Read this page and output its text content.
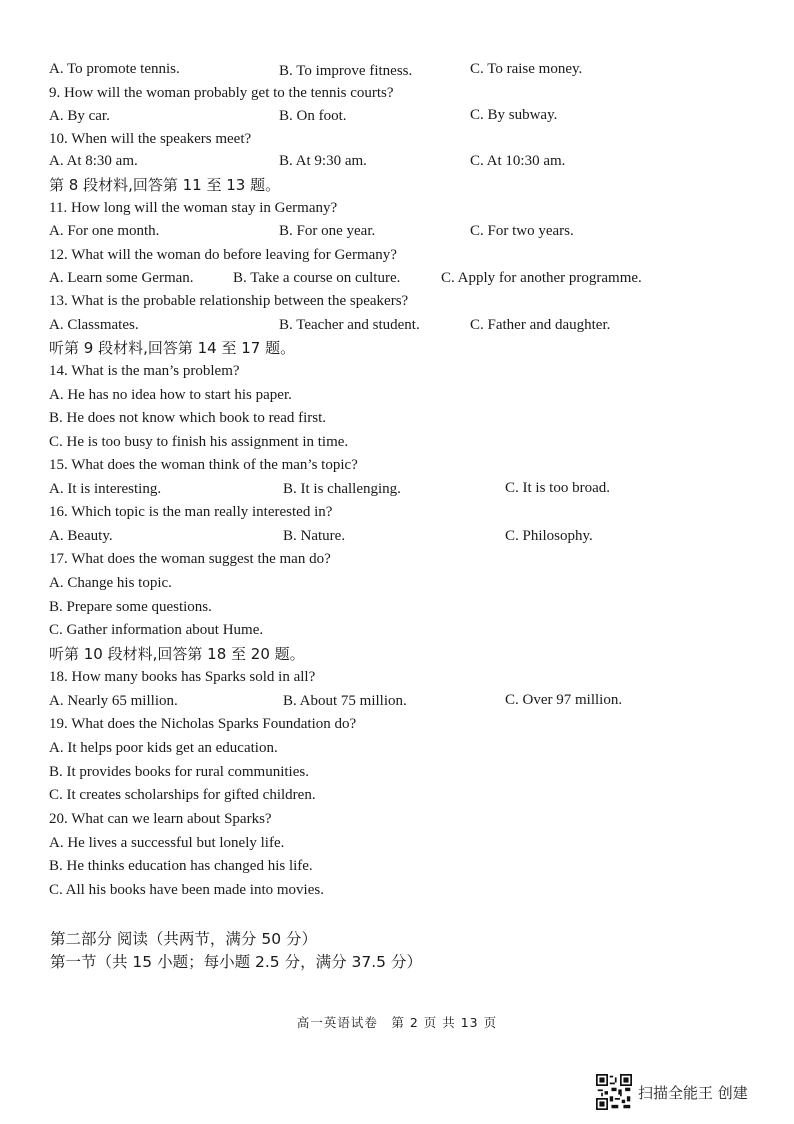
A. To promote tennis.	B. To improve fitness.	C. To raise money.
9. How will the woman probably get to the tennis courts?
A. By car.	B. On foot.	C. By subway.
10. When will the speakers meet?
A. At 8:30 am.	B. At 9:30 am.	C. At 10:30 am.
第 8 段材料,回答第 11 至 13 题。
11. How long will the woman stay in Germany?
A. For one month.	B. For one year.	C. For two years.
12. What will the woman do before leaving for Germany?
A. Learn some German.	B. Take a course on culture.	C. Apply for another programme.
13. What is the probable relationship between the speakers?
A. Classmates.	B. Teacher and student.	C. Father and daughter.
听第 9 段材料,回答第 14 至 17 题。
14. What is the man’s problem?
A. He has no idea how to start his paper.
B. He does not know which book to read first.
C. He is too busy to finish his assignment in time.
15. What does the woman think of the man’s topic?
A. It is interesting.	B. It is challenging.	C. It is too broad.
16. Which topic is the man really interested in?
A. Beauty.	B. Nature.	C. Philosophy.
17. What does the woman suggest the man do?
A. Change his topic.
B. Prepare some questions.
C. Gather information about Hume.
听第 10 段材料,回答第 18 至 20 题。
18. How many books has Sparks sold in all?
A. Nearly 65 million.	B. About 75 million.	C. Over 97 million.
19. What does the Nicholas Sparks Foundation do?
A. It helps poor kids get an education.
B. It provides books for rural communities.
C. It creates scholarships for gifted children.
20. What can we learn about Sparks?
A. He lives a successful but lonely life.
B. He thinks education has changed his life.
C. All his books have been made into movies.
第二部分 阅读（共两节，满分 50 分）
第一节（共 15 小题；每小题 2.5 分，满分 37.5 分）
高一英语试卷　第 2 页 共 13 页
扫描全能王 创建
